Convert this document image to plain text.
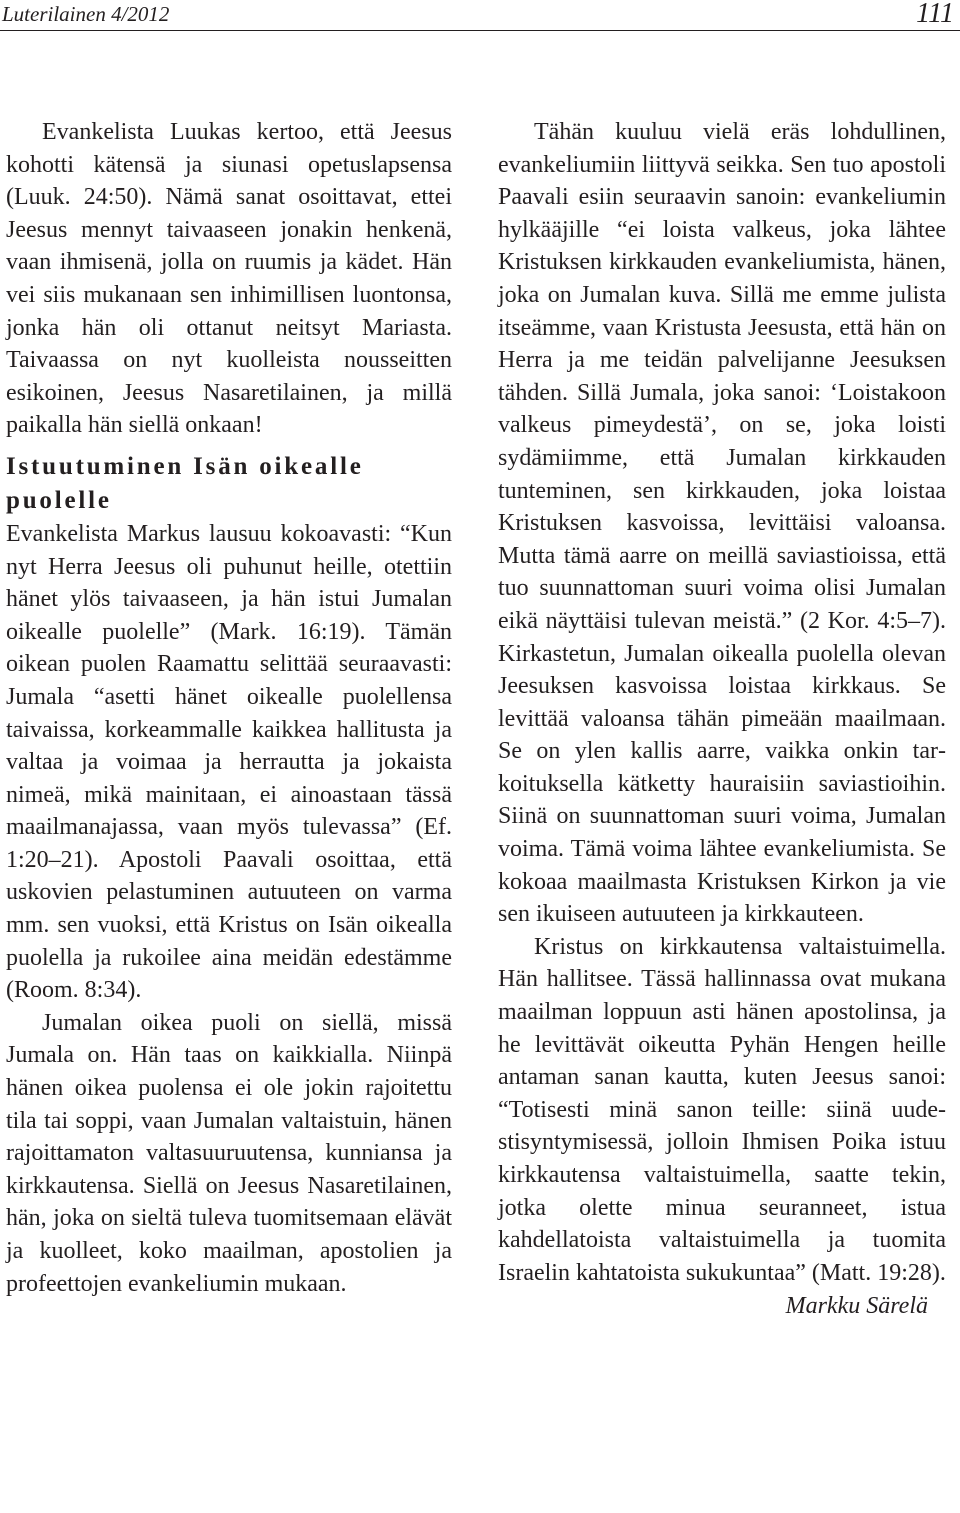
Luterilainen 4/2012	111

Evankelista Luukas kertoo, että Jeesus kohotti kätensä ja siunasi opetuslapsensa (Luuk. 24:50). Nämä sanat osoittavat, ettei Jeesus mennyt taivaaseen jonakin henkenä, vaan ihmisenä, jolla on ruumis ja kädet. Hän vei siis mukanaan sen inhimillisen luontonsa, jonka hän oli ottanut neitsyt Mariasta. Taivaassa on nyt kuolleista nousseitten esikoinen, Jeesus Nasaretilainen, ja millä paikalla hän siellä onkaan!

Istuutuminen Isän oikealle puolelle

Evankelista Markus lausuu kokoavasti: “Kun nyt Herra Jeesus oli puhunut heille, otettiin hänet ylös taivaaseen, ja hän istui Jumalan oikealle puolelle” (Mark. 16:19). Tämän oikean puolen Raamattu selittää seuraavasti: Jumala “asetti hänet oikealle puolellensa taivaissa, korkeammalle kaikkea hallitusta ja valtaa ja voimaa ja herrautta ja jokaista nimeä, mikä mainitaan, ei ainoastaan tässä maailmanajassa, vaan myös tulevassa” (Ef. 1:20–21). Apostoli Paavali osoittaa, että uskovien pelastuminen autuuteen on varma mm. sen vuoksi, että Kristus on Isän oikealla puolella ja rukoilee aina meidän edestämme (Room. 8:34).

Jumalan oikea puoli on siellä, missä Jumala on. Hän taas on kaikkialla. Niinpä hänen oikea puolensa ei ole jokin rajoitettu tila tai soppi, vaan Jumalan valtaistuin, hänen rajoittamaton valtasuuruutensa, kunniansa ja kirkkautensa. Siellä on Jeesus Nasaretilainen, hän, joka on sieltä tuleva tuomitsemaan elävät ja kuolleet, koko maailman, apostolien ja profeettojen evankeliumin mukaan.

Tähän kuuluu vielä eräs lohdullinen, evankeliumiin liittyvä seikka. Sen tuo apostoli Paavali esiin seuraavin sanoin: evankeliumin hylkääjille “ei loista valkeus, joka lähtee Kristuksen kirkkauden evankeliumista, hänen, joka on Jumalan kuva. Sillä me emme julista itseämme, vaan Kristusta Jeesusta, että hän on Herra ja me teidän palvelijanne Jeesuksen tähden. Sillä Jumala, joka sanoi: ‘Loistakoon valkeus pimeydestä’, on se, joka loisti sydämiimme, että Jumalan kirkkauden tunteminen, sen kirkkauden, joka loistaa Kristuksen kasvoissa, levittäisi valoansa. Mutta tämä aarre on meillä saviastioissa, että tuo suunnattoman suuri voima olisi Jumalan eikä näyttäisi tulevan meistä.” (2 Kor. 4:5–7). Kirkastetun, Jumalan oikealla puolella olevan Jeesuksen kasvoissa loistaa kirkkaus. Se levittää valoansa tähän pimeään maailmaan. Se on ylen kallis aarre, vaikka onkin tarkoituksella kätketty hauraisiin saviastioihin. Siinä on suunnattoman suuri voima, Jumalan voima. Tämä voima lähtee evankeliumista. Se kokoaa maailmasta Kristuksen Kirkon ja vie sen ikuiseen autuuteen ja kirkkauteen.

Kristus on kirkkautensa valtaistuimella. Hän hallitsee. Tässä hallinnassa ovat mukana maailman loppuun asti hänen apostolinsa, ja he levittävät oikeutta Pyhän Hengen heille antaman sanan kautta, kuten Jeesus sanoi: “Totisesti minä sanon teille: siinä uudestisyntymisessä, jolloin Ihmisen Poika istuu kirkkautensa valtaistuimella, saatte tekin, jotka olette minua seuranneet, istua kahdellatoista valtaistuimella ja tuomita Israelin kahtatoista sukukuntaa” (Matt. 19:28).

Markku Särelä
